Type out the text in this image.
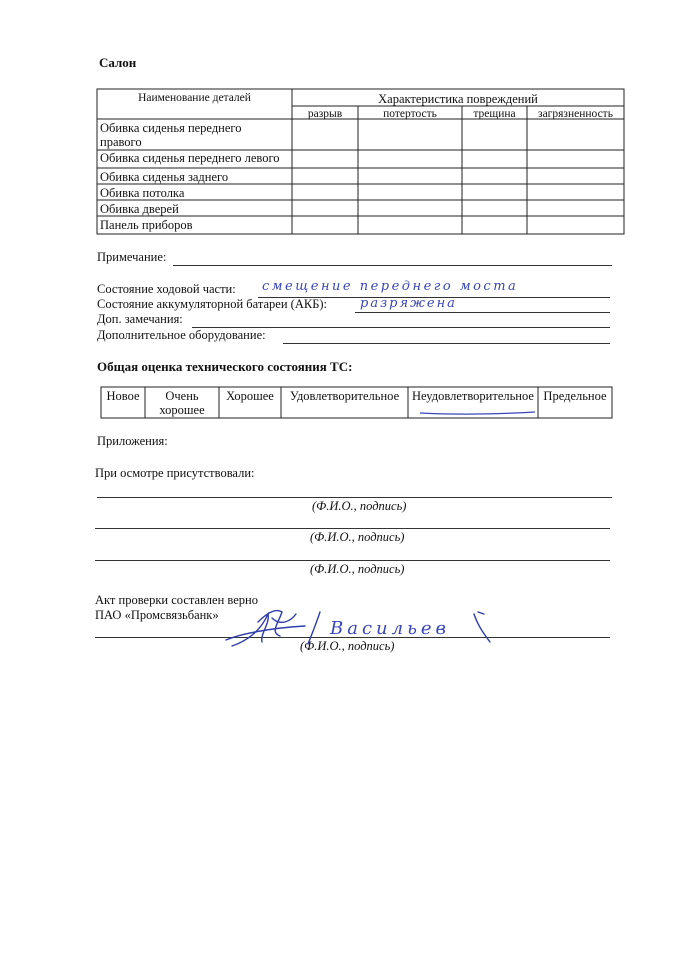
Салон
Наименование деталей	Характеристика повреждений
разрыв	потертость	трещина	загрязненность
Обивка сиденья переднего правого
Обивка сиденья переднего левого
Обивка сиденья заднего
Обивка потолка
Обивка дверей
Панель приборов
Примечание:
Состояние ходовой части: смещение переднего моста
Состояние аккумуляторной батареи (АКБ):	разряжена
Доп. замечания:
Дополнительное оборудование:
Общая оценка технического состояния ТС:
Новое	Очень хорошее
Хорошее	Удовлетворительное	Неудовлетворительное Предельное
Приложения:
При осмотре присутствовали:
(Ф.И.О., подпись)
(Ф.И.О., подпись)
(Ф.И.О., подпись)
Акт проверки составлен верно
ПАО «Промсвязьбанк»
(Ф.И.О., подпись)
Васильев
